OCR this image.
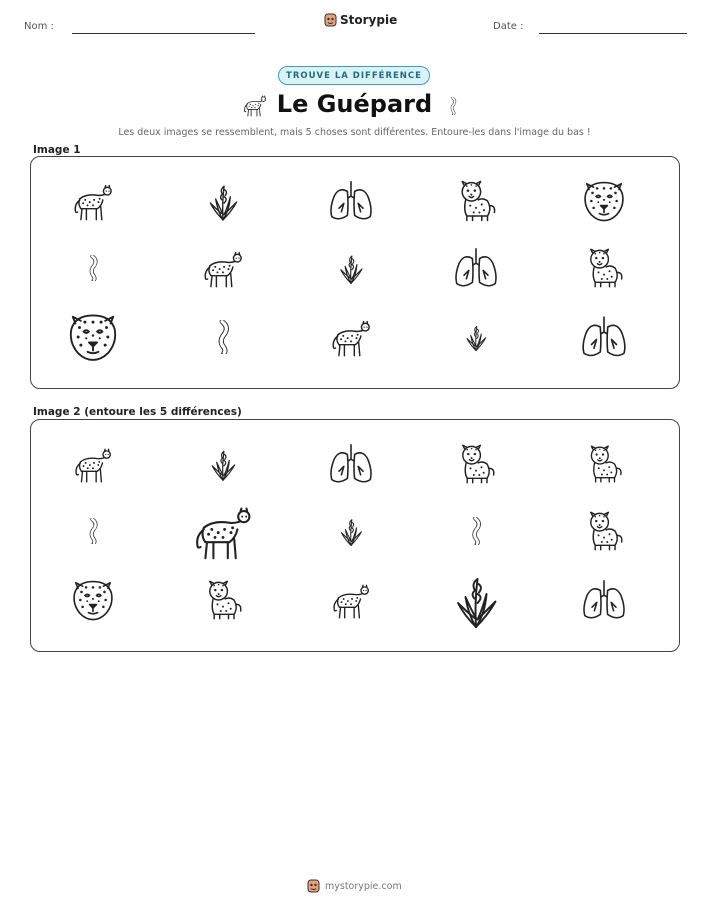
Nom :	Storypie	Date :
TROUVE LA DIFFÉRENCE
Le Guépard
Les deux images se ressemblent, mais 5 choses sont différentes. Entoure-les dans l'image du bas !
Image 1
Image 2 (entoure les 5 différences)
mystorypie.com
